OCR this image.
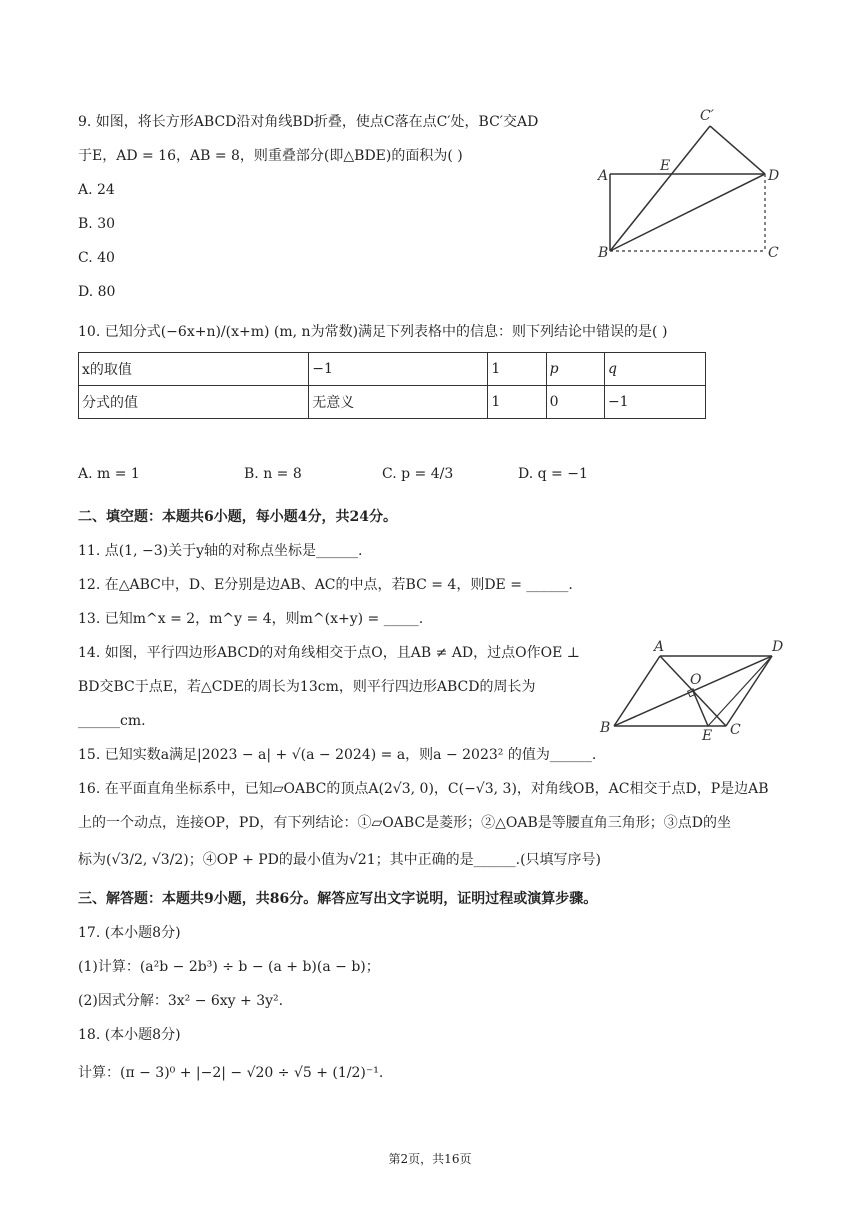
9. 如图，将长方形ABCD沿对角线BD折叠，使点C落在点C′处，BC′交AD
于E，AD = 16，AB = 8，则重叠部分(即△BDE)的面积为( )
A. 24
B. 30
C. 40
D. 80
C′
A
E
D
B	C
10. 已知分式(−6x+n)/(x+m) (m, n为常数)满足下列表格中的信息：则下列结论中错误的是( )
x的取值	−1	1	p	q
分式的值	无意义	1	0	−1
A. m = 1	B. n = 8	C. p = 4/3	D. q = −1
二、填空题：本题共6小题，每小题4分，共24分。
11. 点(1, −3)关于y轴的对称点坐标是______.
12. 在△ABC中，D、E分别是边AB、AC的中点，若BC = 4，则DE = ______.
13. 已知m^x = 2，m^y = 4，则m^(x+y) = _____.
14. 如图，平行四边形ABCD的对角线相交于点O，且AB ≠ AD，过点O作OE ⊥
BD交BC于点E，若△CDE的周长为13cm，则平行四边形ABCD的周长为
______cm.
A	D
O
B	E C
15. 已知实数a满足|2023 − a| + √(a − 2024) = a，则a − 2023² 的值为______.
16. 在平面直角坐标系中，已知▱OABC的顶点A(2√3, 0)，C(−√3, 3)，对角线OB，AC相交于点D，P是边AB
上的一个动点，连接OP，PD，有下列结论：①▱OABC是菱形；②△OAB是等腰直角三角形；③点D的坐
标为(√3/2, √3/2)；④OP + PD的最小值为√21；其中正确的是______.(只填写序号)
三、解答题：本题共9小题，共86分。解答应写出文字说明，证明过程或演算步骤。
17. (本小题8分)
(1)计算：(a²b − 2b³) ÷ b − (a + b)(a − b)；
(2)因式分解：3x² − 6xy + 3y².
18. (本小题8分)
计算：(π − 3)⁰ + |−2| − √20 ÷ √5 + (1/2)⁻¹.
第2页，共16页
